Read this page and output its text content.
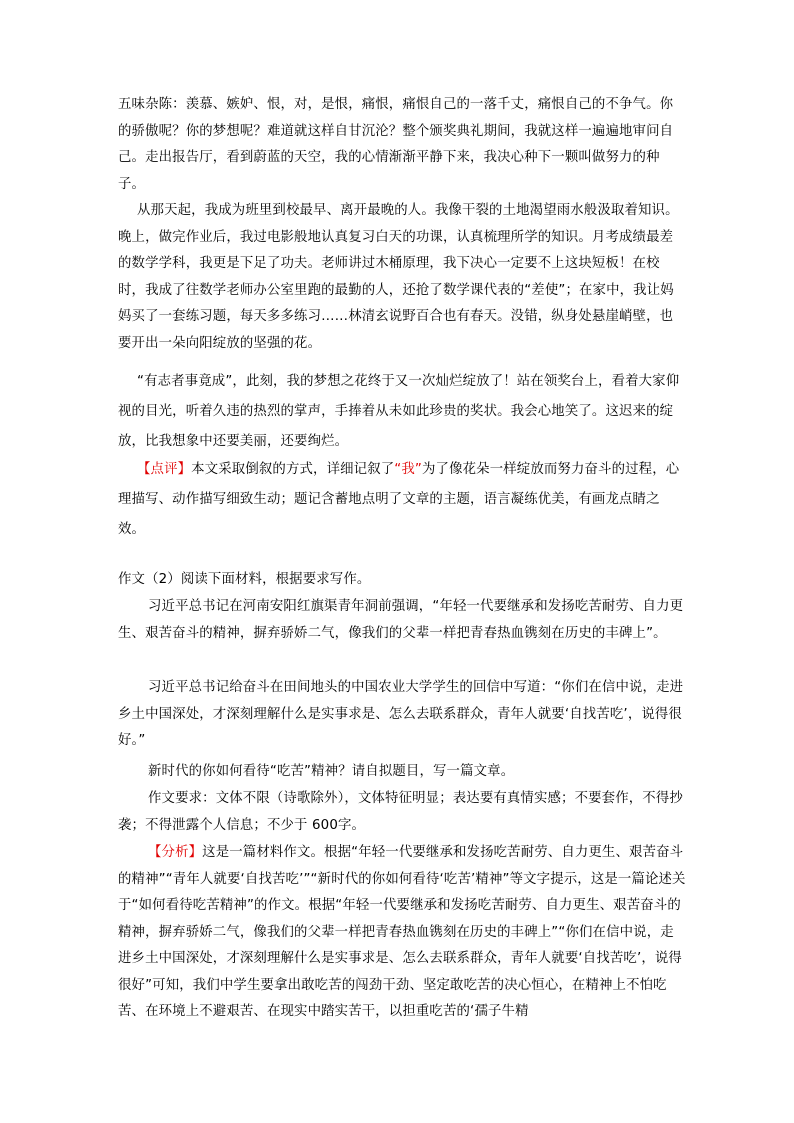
五味杂陈：羡慕、嫉妒、恨，对，是恨，痛恨，痛恨自己的一落千丈，痛恨自己的不争气。你的骄傲呢？你的梦想呢？难道就这样自甘沉沦？整个颁奖典礼期间，我就这样一遍遍地审问自己。走出报告厅，看到蔚蓝的天空，我的心情渐渐平静下来，我决心种下一颗叫做努力的种子。

从那天起，我成为班里到校最早、离开最晚的人。我像干裂的土地渴望雨水般汲取着知识。晚上，做完作业后，我过电影般地认真复习白天的功课，认真梳理所学的知识。月考成绩最差的数学学科，我更是下足了功夫。老师讲过木桶原理，我下决心一定要不上这块短板！在校时，我成了往数学老师办公室里跑的最勤的人，还抢了数学课代表的“差使”；在家中，我让妈妈买了一套练习题，每天多多练习……林清玄说野百合也有春天。没错，纵身处悬崖峭壁，也要开出一朵向阳绽放的坚强的花。

“有志者事竟成”，此刻，我的梦想之花终于又一次灿烂绽放了！站在领奖台上，看着大家仰视的目光，听着久违的热烈的掌声，手捧着从未如此珍贵的奖状。我会心地笑了。这迟来的绽放，比我想象中还要美丽，还要绚烂。

【点评】本文采取倒叙的方式，详细记叙了“我”为了像花朵一样绽放而努力奋斗的过程，心理描写、动作描写细致生动；题记含蓄地点明了文章的主题，语言凝练优美，有画龙点睛之效。

作文（2）阅读下面材料，根据要求写作。

习近平总书记在河南安阳红旗渠青年洞前强调，“年轻一代要继承和发扬吃苦耐劳、自力更生、艰苦奋斗的精神，摒弃骄娇二气，像我们的父辈一样把青春热血镌刻在历史的丰碑上”。

习近平总书记给奋斗在田间地头的中国农业大学学生的回信中写道：“你们在信中说，走进乡土中国深处，才深刻理解什么是实事求是、怎么去联系群众，青年人就要‘自找苦吃’，说得很好。”

新时代的你如何看待“吃苦”精神？请自拟题目，写一篇文章。

作文要求：文体不限（诗歌除外），文体特征明显；表达要有真情实感；不要套作，不得抄袭；不得泄露个人信息；不少于 600字。

【分析】这是一篇材料作文。根据“年轻一代要继承和发扬吃苦耐劳、自力更生、艰苦奋斗的精神”“青年人就要‘自找苦吃’”“新时代的你如何看待‘吃苦’精神”等文字提示，这是一篇论述关于“如何看待吃苦精神”的作文。根据“年轻一代要继承和发扬吃苦耐劳、自力更生、艰苦奋斗的精神，摒弃骄娇二气，像我们的父辈一样把青春热血镌刻在历史的丰碑上”“你们在信中说，走进乡土中国深处，才深刻理解什么是实事求是、怎么去联系群众，青年人就要‘自找苦吃’，说得很好”可知，我们中学生要拿出敢吃苦的闯劲干劲、坚定敢吃苦的决心恒心，在精神上不怕吃苦、在环境上不避艰苦、在现实中踏实苦干，以担重吃苦的‘孺子牛精
